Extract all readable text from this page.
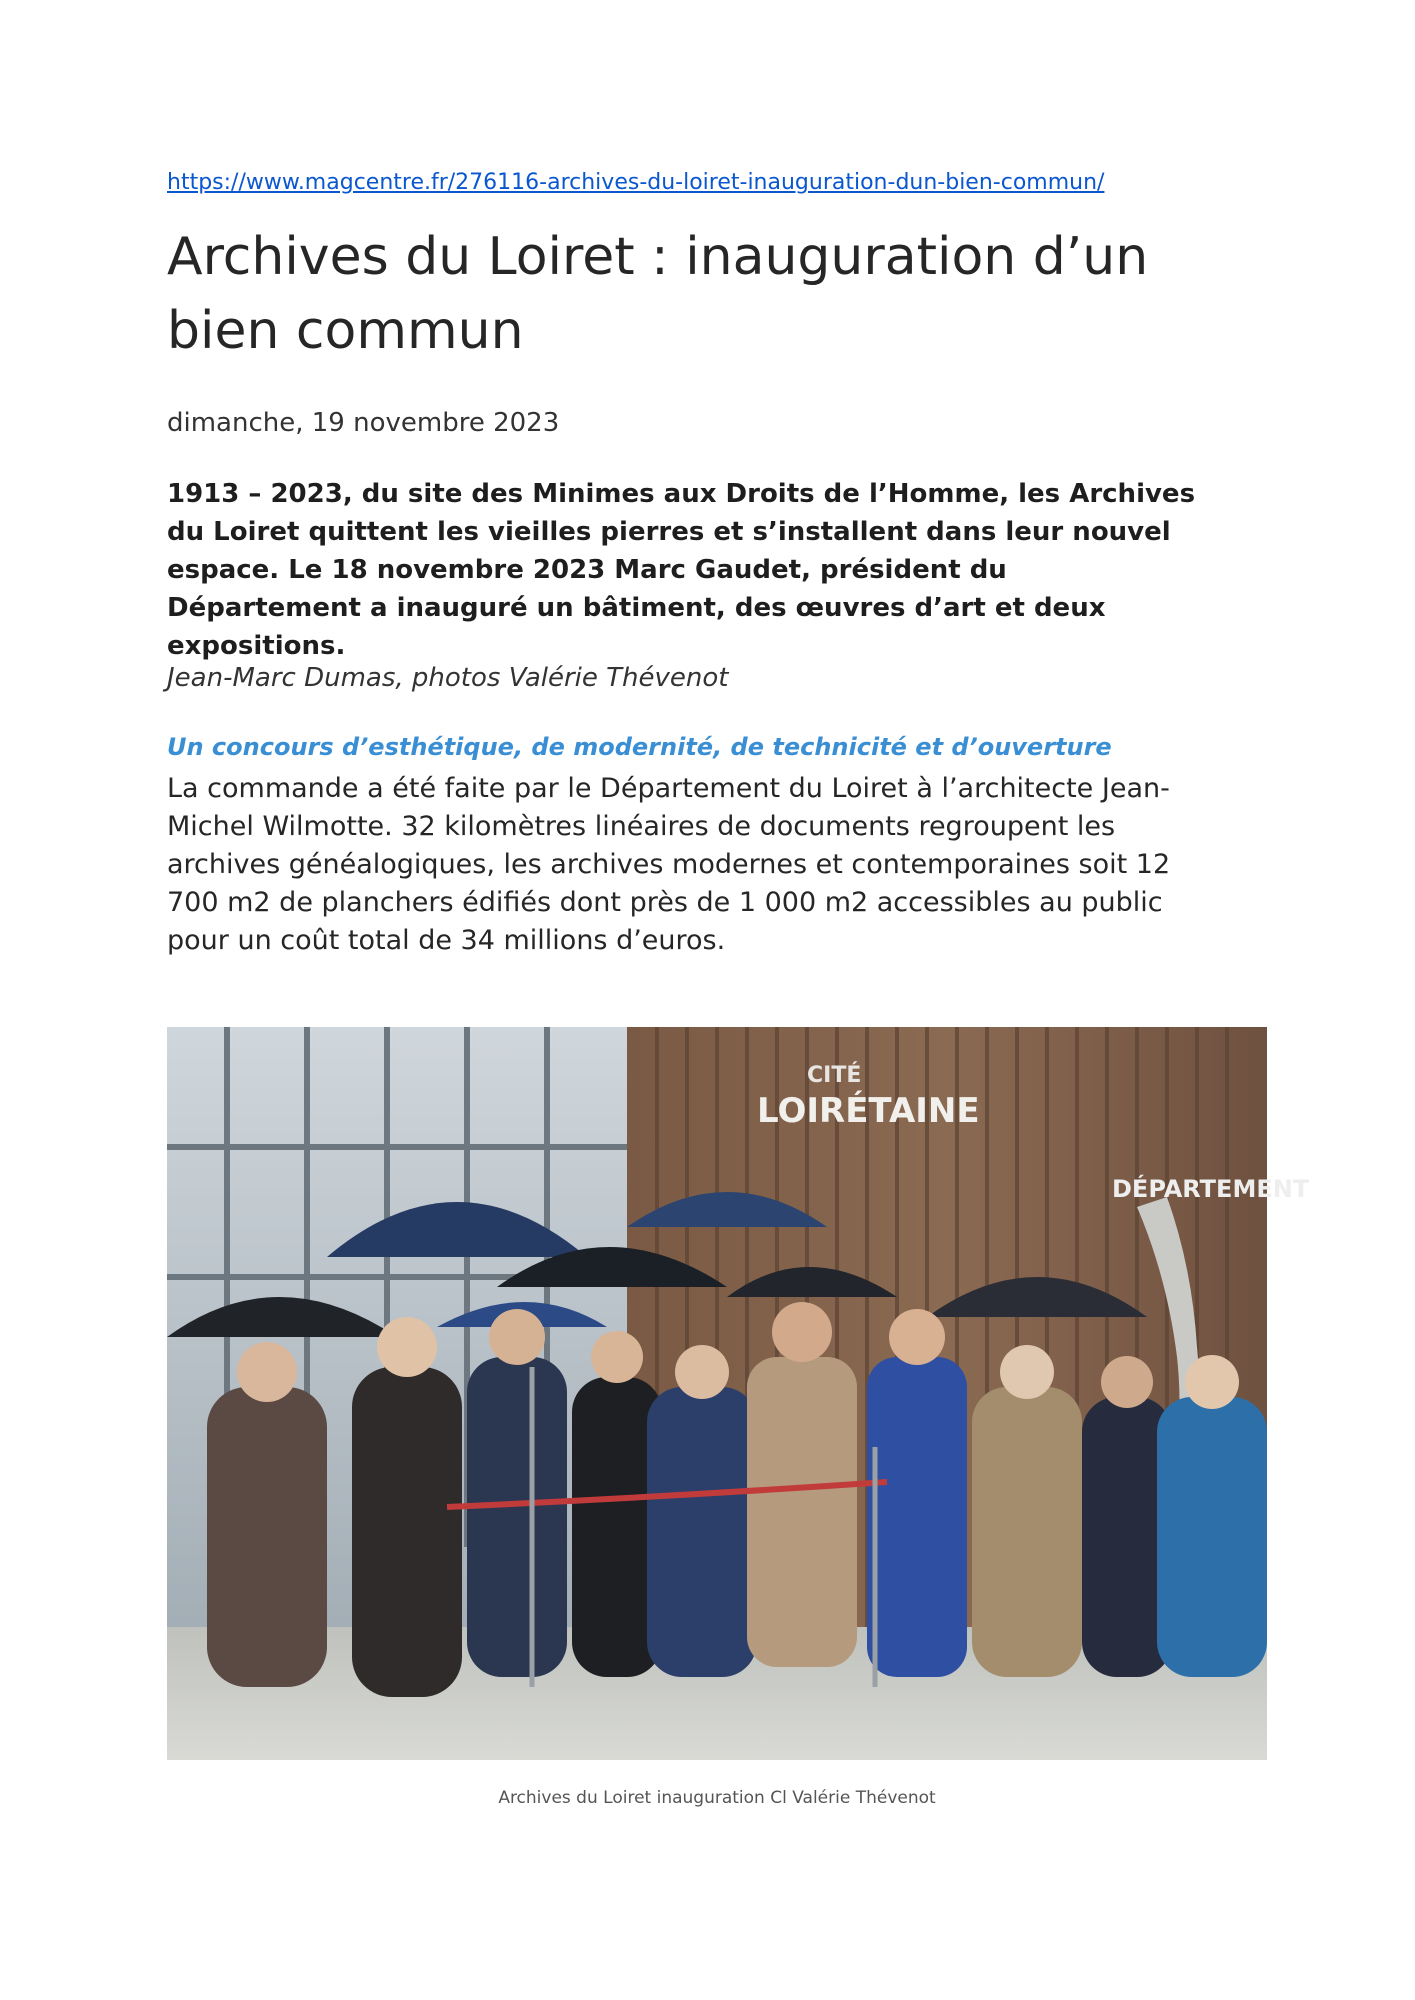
https://www.magcentre.fr/276116-archives-du-loiret-inauguration-dun-bien-commun/
Archives du Loiret : inauguration d’un bien commun
dimanche, 19 novembre 2023

1913 – 2023, du site des Minimes aux Droits de l’Homme, les Archives du Loiret quittent les vieilles pierres et s’installent dans leur nouvel espace. Le 18 novembre 2023 Marc Gaudet, président du Département a inauguré un bâtiment, des œuvres d’art et deux expositions.

Jean-Marc Dumas, photos Valérie Thévenot
Un concours d’esthétique, de modernité, de technicité et d’ouverture

La commande a été faite par le Département du Loiret à l’architecte Jean-Michel Wilmotte. 32 kilomètres linéaires de documents regroupent les archives généalogiques, les archives modernes et contemporaines soit 12 700 m2 de planchers édifiés dont près de 1 000 m2 accessibles au public pour un coût total de 34 millions d’euros.

CITÉ
LOIRÉTAINE
DÉPARTEMENT
Archives du Loiret inauguration Cl Valérie Thévenot
